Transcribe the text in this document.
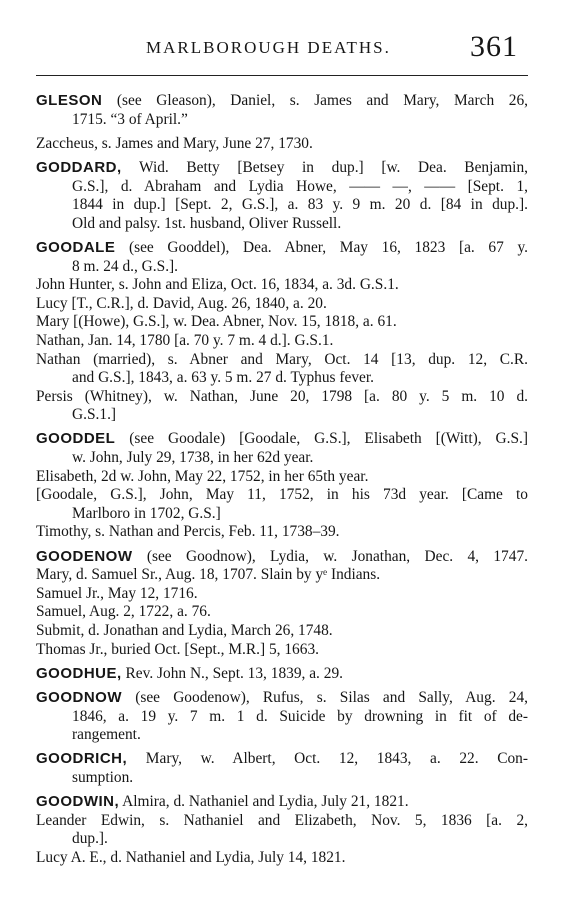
MARLBOROUGH DEATHS.	361
GLESON (see Gleason), Daniel, s. James and Mary, March 26,
1715. “3 of April.”
Zaccheus, s. James and Mary, June 27, 1730.
GODDARD, Wid. Betty [Betsey in dup.] [w. Dea. Benjamin,
G.S.], d. Abraham and Lydia Howe, —— —, —— [Sept. 1,
1844 in dup.] [Sept. 2, G.S.], a. 83 y. 9 m. 20 d. [84 in dup.].
Old and palsy. 1st. husband, Oliver Russell.
GOODALE (see Gooddel), Dea. Abner, May 16, 1823 [a. 67 y.
8 m. 24 d., G.S.].
John Hunter, s. John and Eliza, Oct. 16, 1834, a. 3d. G.S.1.
Lucy [T., C.R.], d. David, Aug. 26, 1840, a. 20.
Mary [(Howe), G.S.], w. Dea. Abner, Nov. 15, 1818, a. 61.
Nathan, Jan. 14, 1780 [a. 70 y. 7 m. 4 d.]. G.S.1.
Nathan (married), s. Abner and Mary, Oct. 14 [13, dup. 12, C.R.
and G.S.], 1843, a. 63 y. 5 m. 27 d. Typhus fever.
Persis (Whitney), w. Nathan, June 20, 1798 [a. 80 y. 5 m. 10 d.
G.S.1.]
GOODDEL (see Goodale) [Goodale, G.S.], Elisabeth [(Witt), G.S.]
w. John, July 29, 1738, in her 62d year.
Elisabeth, 2d w. John, May 22, 1752, in her 65th year.
[Goodale, G.S.], John, May 11, 1752, in his 73d year. [Came to
Marlboro in 1702, G.S.]
Timothy, s. Nathan and Percis, Feb. 11, 1738–39.
GOODENOW (see Goodnow), Lydia, w. Jonathan, Dec. 4, 1747.
Mary, d. Samuel Sr., Aug. 18, 1707. Slain by yᵉ Indians.
Samuel Jr., May 12, 1716.
Samuel, Aug. 2, 1722, a. 76.
Submit, d. Jonathan and Lydia, March 26, 1748.
Thomas Jr., buried Oct. [Sept., M.R.] 5, 1663.
GOODHUE, Rev. John N., Sept. 13, 1839, a. 29.
GOODNOW (see Goodenow), Rufus, s. Silas and Sally, Aug. 24,
1846, a. 19 y. 7 m. 1 d. Suicide by drowning in fit of de-
rangement.
GOODRICH, Mary, w. Albert, Oct. 12, 1843, a. 22. Con-
sumption.
GOODWIN, Almira, d. Nathaniel and Lydia, July 21, 1821.
Leander Edwin, s. Nathaniel and Elizabeth, Nov. 5, 1836 [a. 2,
dup.].
Lucy A. E., d. Nathaniel and Lydia, July 14, 1821.
